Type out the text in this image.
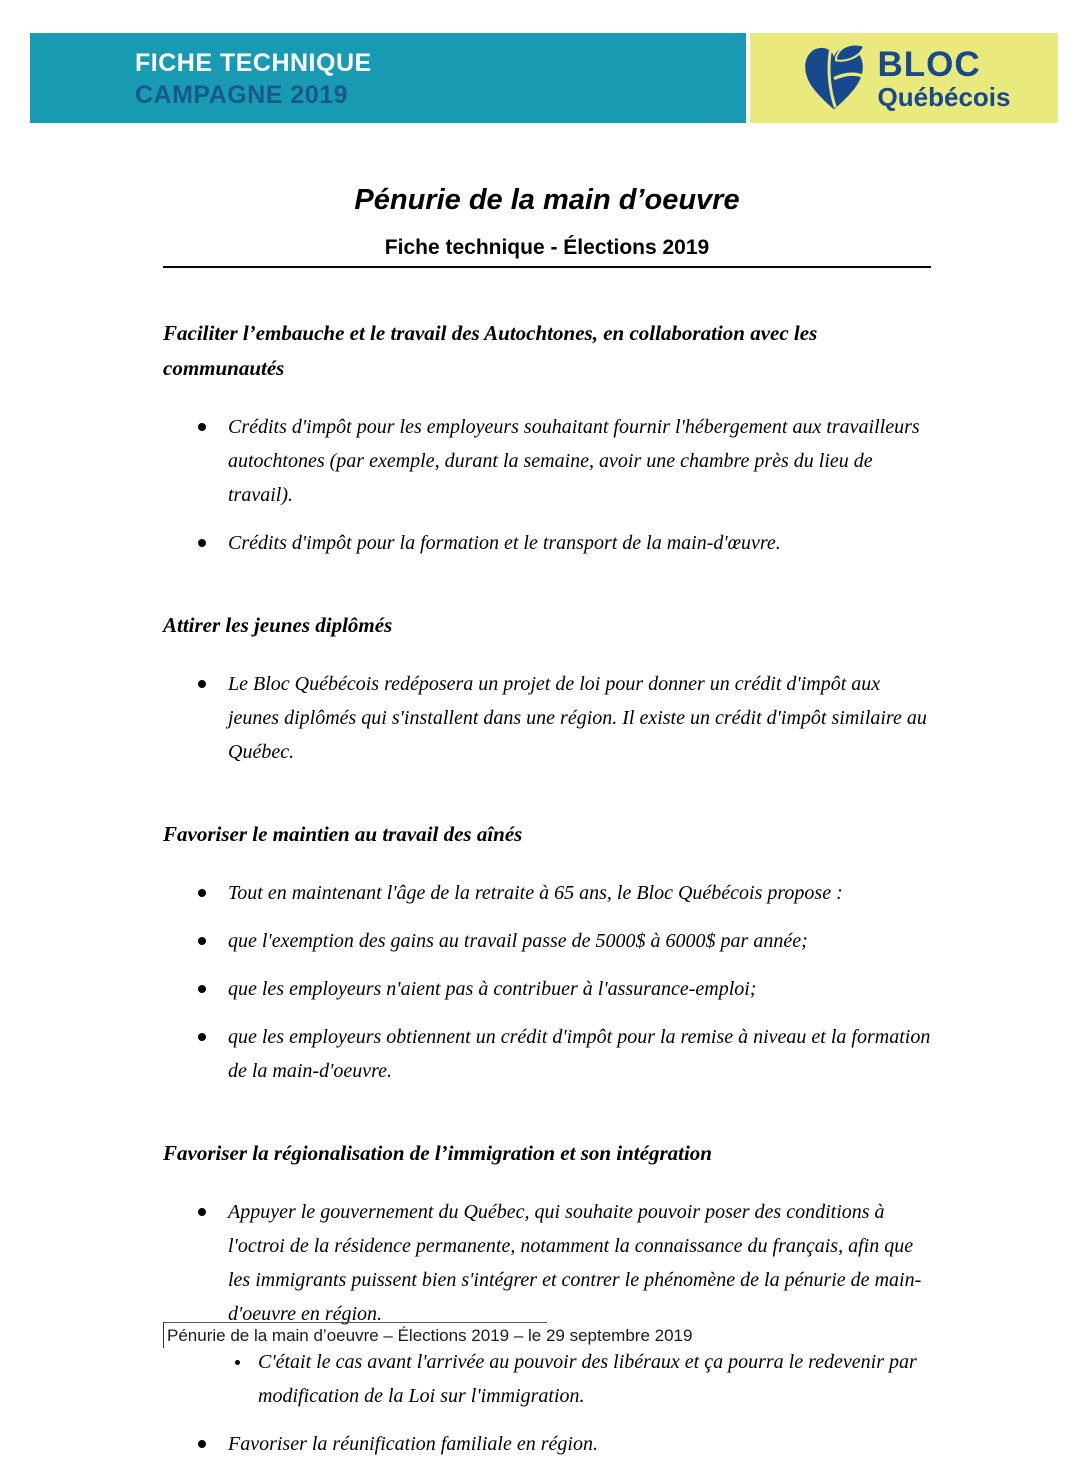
FICHE TECHNIQUE
CAMPAGNE 2019
BLOC
Québécois
Pénurie de la main d’oeuvre
Fiche technique - Élections 2019
Faciliter l’embauche et le travail des Autochtones, en collaboration avec les communautés
Crédits d'impôt pour les employeurs souhaitant fournir l'hébergement aux travailleurs autochtones (par exemple, durant la semaine, avoir une chambre près du lieu de travail).
Crédits d'impôt pour la formation et le transport de la main-d'œuvre.
Attirer les jeunes diplômés
Le Bloc Québécois redéposera un projet de loi pour donner un crédit d'impôt aux jeunes diplômés qui s'installent dans une région. Il existe un crédit d'impôt similaire au Québec.
Favoriser le maintien au travail des aînés
Tout en maintenant l'âge de la retraite à 65 ans, le Bloc Québécois propose :
que l'exemption des gains au travail passe de 5000$ à 6000$ par année;
que les employeurs n'aient pas à contribuer à l'assurance-emploi;
que les employeurs obtiennent un crédit d'impôt pour la remise à niveau et la formation de la main-d'oeuvre.
Favoriser la régionalisation de l’immigration et son intégration
Appuyer le gouvernement du Québec, qui souhaite pouvoir poser des conditions à l'octroi de la résidence permanente, notamment la connaissance du français, afin que les immigrants puissent bien s'intégrer et contrer le phénomène de la pénurie de main-d'oeuvre en région.
C'était le cas avant l'arrivée au pouvoir des libéraux et ça pourra le redevenir par modification de la Loi sur l'immigration.
Favoriser la réunification familiale en région.
Pénurie de la main d’oeuvre – Élections 2019 – le 29 septembre 2019
